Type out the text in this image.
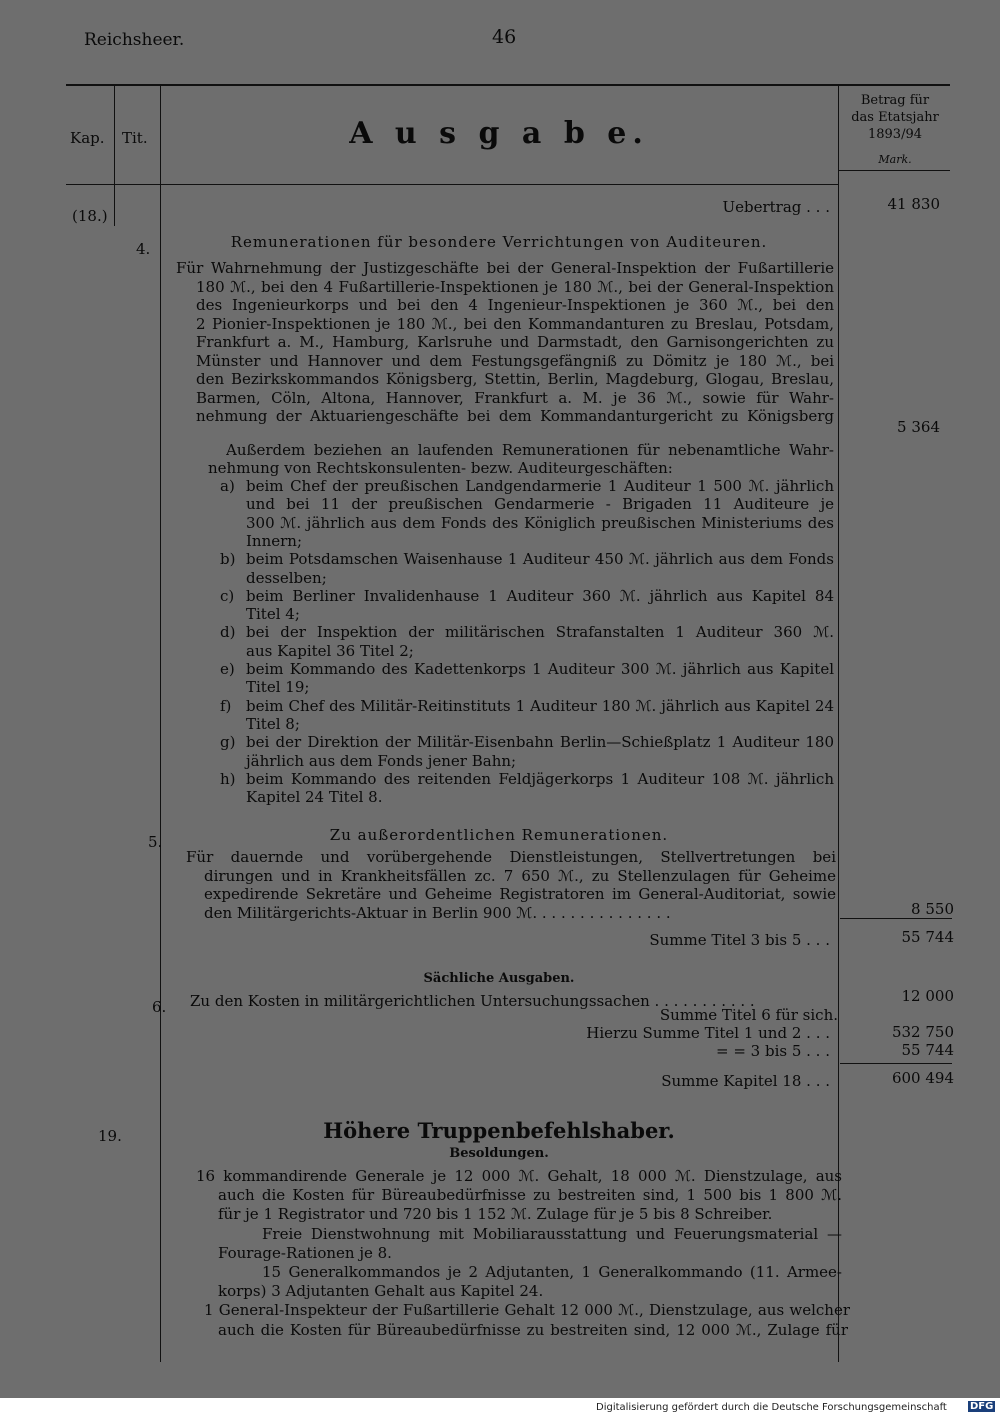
Reichsheer.	46
Kap.	Tit.	A u s g a b e.
Betrag für
das Etatsjahr
1893/94
Mark.
(18.)	Uebertrag . . .	41 830
4.	Remunerationen für besondere Verrichtungen von Auditeuren.
Für Wahrnehmung der Justizgeschäfte bei der General-Inspektion der Fußartillerie
180 ℳ., bei den 4 Fußartillerie-Inspektionen je 180 ℳ., bei der General-Inspektion
des Ingenieurkorps und bei den 4 Ingenieur-Inspektionen je 360 ℳ., bei den
2 Pionier-Inspektionen je 180 ℳ., bei den Kommandanturen zu Breslau, Potsdam,
Frankfurt a. M., Hamburg, Karlsruhe und Darmstadt, den Garnisongerichten zu
Münster und Hannover und dem Festungsgefängniß zu Dömitz je 180 ℳ., bei
den Bezirkskommandos Königsberg, Stettin, Berlin, Magdeburg, Glogau, Breslau,
Barmen, Cöln, Altona, Hannover, Frankfurt a. M. je 36 ℳ., sowie für Wahr-
nehmung der Aktuariengeschäfte bei dem Kommandanturgericht zu Königsberg
5 364
Außerdem beziehen an laufenden Remunerationen für nebenamtliche Wahr-
nehmung von Rechtskonsulenten- bezw. Auditeurgeschäften:
a) beim Chef der preußischen Landgendarmerie 1 Auditeur 1 500 ℳ. jährlich
und bei 11 der preußischen Gendarmerie - Brigaden 11 Auditeure je
300 ℳ. jährlich aus dem Fonds des Königlich preußischen Ministeriums des
Innern;
b) beim Potsdamschen Waisenhause 1 Auditeur 450 ℳ. jährlich aus dem Fonds
desselben;
c) beim Berliner Invalidenhause 1 Auditeur 360 ℳ. jährlich aus Kapitel 84
Titel 4;
d) bei der Inspektion der militärischen Strafanstalten 1 Auditeur 360 ℳ.
aus Kapitel 36 Titel 2;
e) beim Kommando des Kadettenkorps 1 Auditeur 300 ℳ. jährlich aus Kapitel
Titel 19;
f) beim Chef des Militär-Reitinstituts 1 Auditeur 180 ℳ. jährlich aus Kapitel 24
Titel 8;
g) bei der Direktion der Militär-Eisenbahn Berlin—Schießplatz 1 Auditeur 180
jährlich aus dem Fonds jener Bahn;
h) beim Kommando des reitenden Feldjägerkorps 1 Auditeur 108 ℳ. jährlich
Kapitel 24 Titel 8.
5.	Zu außerordentlichen Remunerationen.
Für dauernde und vorübergehende Dienstleistungen, Stellvertretungen bei
dirungen und in Krankheitsfällen zc. 7 650 ℳ., zu Stellenzulagen für Geheime
expedirende Sekretäre und Geheime Registratoren im General-Auditoriat, sowie
den Militärgerichts-Aktuar in Berlin 900 ℳ. . . . . . . . . . . . . . .	8 550
Summe Titel 3 bis 5 . . .	55 744
Sächliche Ausgaben.
6. Zu den Kosten in militärgerichtlichen Untersuchungssachen . . . . . . . . . . .	12 000
Summe Titel 6 für sich.
Hierzu Summe Titel 1 und 2 . . .	532 750
= = 3 bis 5 . . .	55 744
Summe Kapitel 18 . . .	600 494
19.	Höhere Truppenbefehlshaber.
Besoldungen.
16 kommandirende Generale je 12 000 ℳ. Gehalt, 18 000 ℳ. Dienstzulage, aus
auch die Kosten für Büreaubedürfnisse zu bestreiten sind, 1 500 bis 1 800 ℳ.
für je 1 Registrator und 720 bis 1 152 ℳ. Zulage für je 5 bis 8 Schreiber.
Freie Dienstwohnung mit Mobiliarausstattung und Feuerungsmaterial —
Fourage-Rationen je 8.
15 Generalkommandos je 2 Adjutanten, 1 Generalkommando (11. Armee-
korps) 3 Adjutanten Gehalt aus Kapitel 24.
1 General-Inspekteur der Fußartillerie Gehalt 12 000 ℳ., Dienstzulage, aus welcher
auch die Kosten für Büreaubedürfnisse zu bestreiten sind, 12 000 ℳ., Zulage für
Digitalisierung gefördert durch die Deutsche Forschungsgemeinschaft DFG
